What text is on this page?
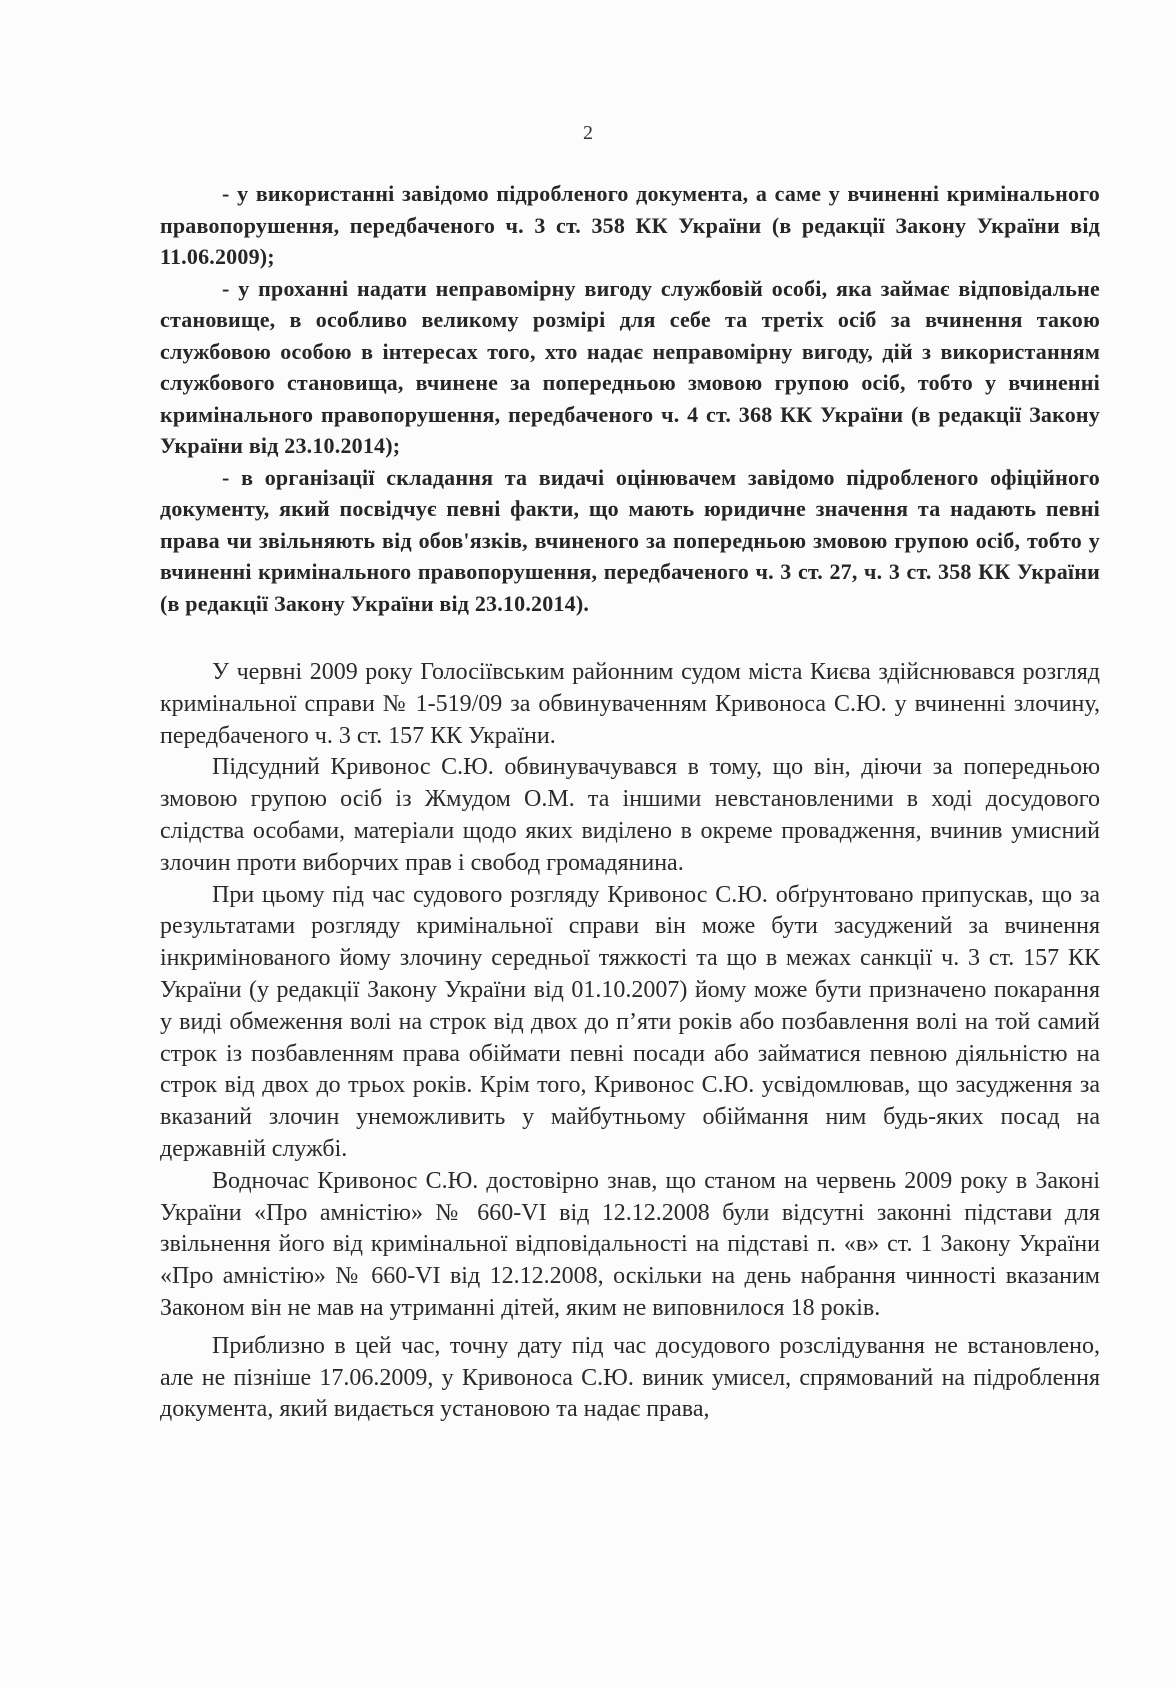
2

- у використанні завідомо підробленого документа, а саме у вчиненні кримінального правопорушення, передбаченого ч. 3 ст. 358 КК України (в редакції Закону України від 11.06.2009);

- у проханні надати неправомірну вигоду службовій особі, яка займає відповідальне становище, в особливо великому розмірі для себе та третіх осіб за вчинення такою службовою особою в інтересах того, хто надає неправомірну вигоду, дій з використанням службового становища, вчинене за попередньою змовою групою осіб, тобто у вчиненні кримінального правопорушення, передбаченого ч. 4 ст. 368 КК України (в редакції Закону України від 23.10.2014);

- в організації складання та видачі оцінювачем завідомо підробленого офіційного документу, який посвідчує певні факти, що мають юридичне значення та надають певні права чи звільняють від обов'язків, вчиненого за попередньою змовою групою осіб, тобто у вчиненні кримінального правопорушення, передбаченого ч. 3 ст. 27, ч. 3 ст. 358 КК України (в редакції Закону України від 23.10.2014).

У червні 2009 року Голосіївським районним судом міста Києва здійснювався розгляд кримінальної справи № 1-519/09 за обвинуваченням Кривоноса С.Ю. у вчиненні злочину, передбаченого ч. 3 ст. 157 КК України.

Підсудний Кривонос С.Ю. обвинувачувався в тому, що він, діючи за попередньою змовою групою осіб із Жмудом О.М. та іншими невстановленими в ході досудового слідства особами, матеріали щодо яких виділено в окреме провадження, вчинив умисний злочин проти виборчих прав і свобод громадянина.

При цьому під час судового розгляду Кривонос С.Ю. обґрунтовано припускав, що за результатами розгляду кримінальної справи він може бути засуджений за вчинення інкримінованого йому злочину середньої тяжкості та що в межах санкції ч. 3 ст. 157 КК України (у редакції Закону України від 01.10.2007) йому може бути призначено покарання у виді обмеження волі на строк від двох до п’яти років або позбавлення волі на той самий строк із позбавленням права обіймати певні посади або займатися певною діяльністю на строк від двох до трьох років. Крім того, Кривонос С.Ю. усвідомлював, що засудження за вказаний злочин унеможливить у майбутньому обіймання ним будь-яких посад на державній службі.

Водночас Кривонос С.Ю. достовірно знав, що станом на червень 2009 року в Законі України «Про амністію» № 660-VI від 12.12.2008 були відсутні законні підстави для звільнення його від кримінальної відповідальності на підставі п. «в» ст. 1 Закону України «Про амністію» № 660-VI від 12.12.2008, оскільки на день набрання чинності вказаним Законом він не мав на утриманні дітей, яким не виповнилося 18 років.

Приблизно в цей час, точну дату під час досудового розслідування не встановлено, але не пізніше 17.06.2009, у Кривоноса С.Ю. виник умисел, спрямований на підроблення документа, який видається установою та надає права,
